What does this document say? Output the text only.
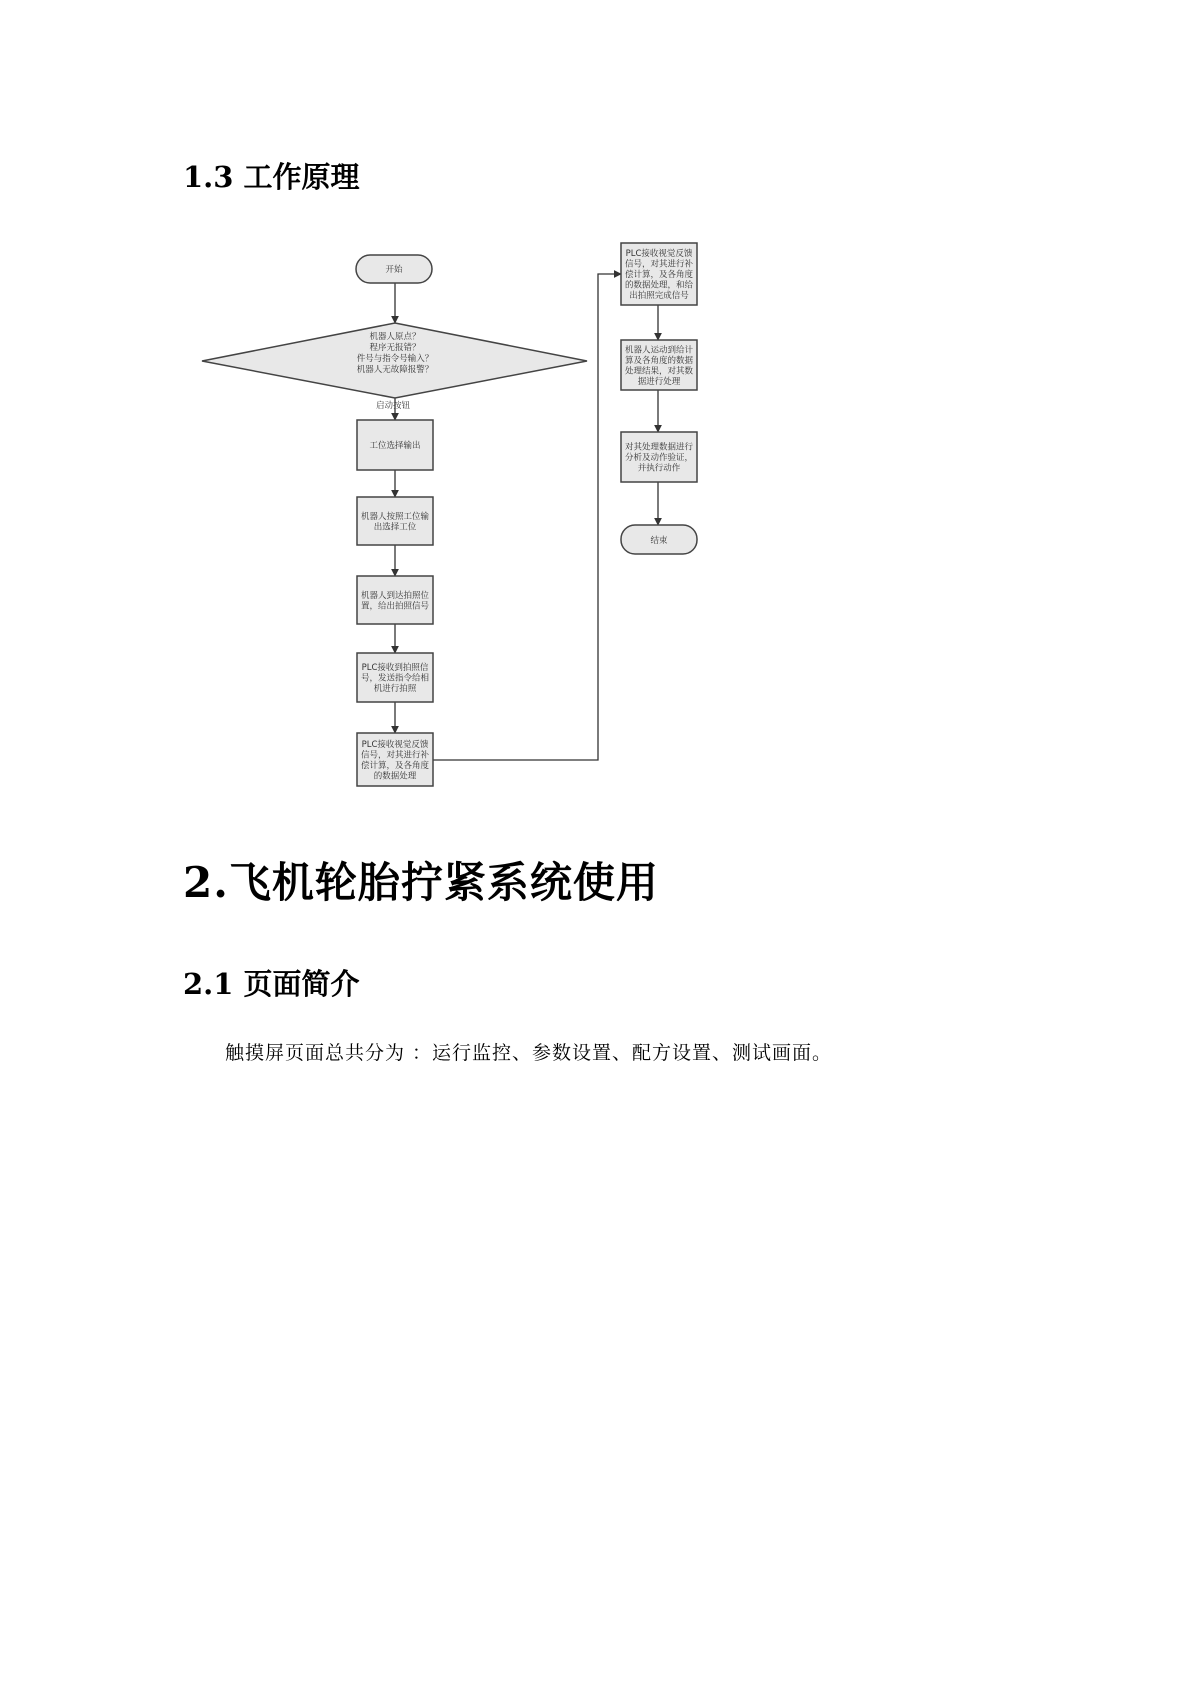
1.3 工作原理
开始
机器人原点？程序无报错？件号与指令号输入？机器人无故障报警？
启动按钮
工位选择输出
机器人按照工位输出选择工位
机器人到达拍照位置，给出拍照信号
PLC接收到拍照信号，发送指令给相机进行拍照
PLC接收视觉反馈信号，对其进行补偿计算，及各角度的数据处理
PLC接收视觉反馈信号，对其进行补偿计算，及各角度的数据处理，和给出拍照完成信号
机器人运动到给计算及各角度的数据处理结果，对其数据进行处理
对其处理数据进行分析及动作验证，并执行动作
结束
2.飞机轮胎拧紧系统使用
2.1 页面简介

触摸屏页面总共分为 ：运行监控、参数设置、配方设置、测试画面。
